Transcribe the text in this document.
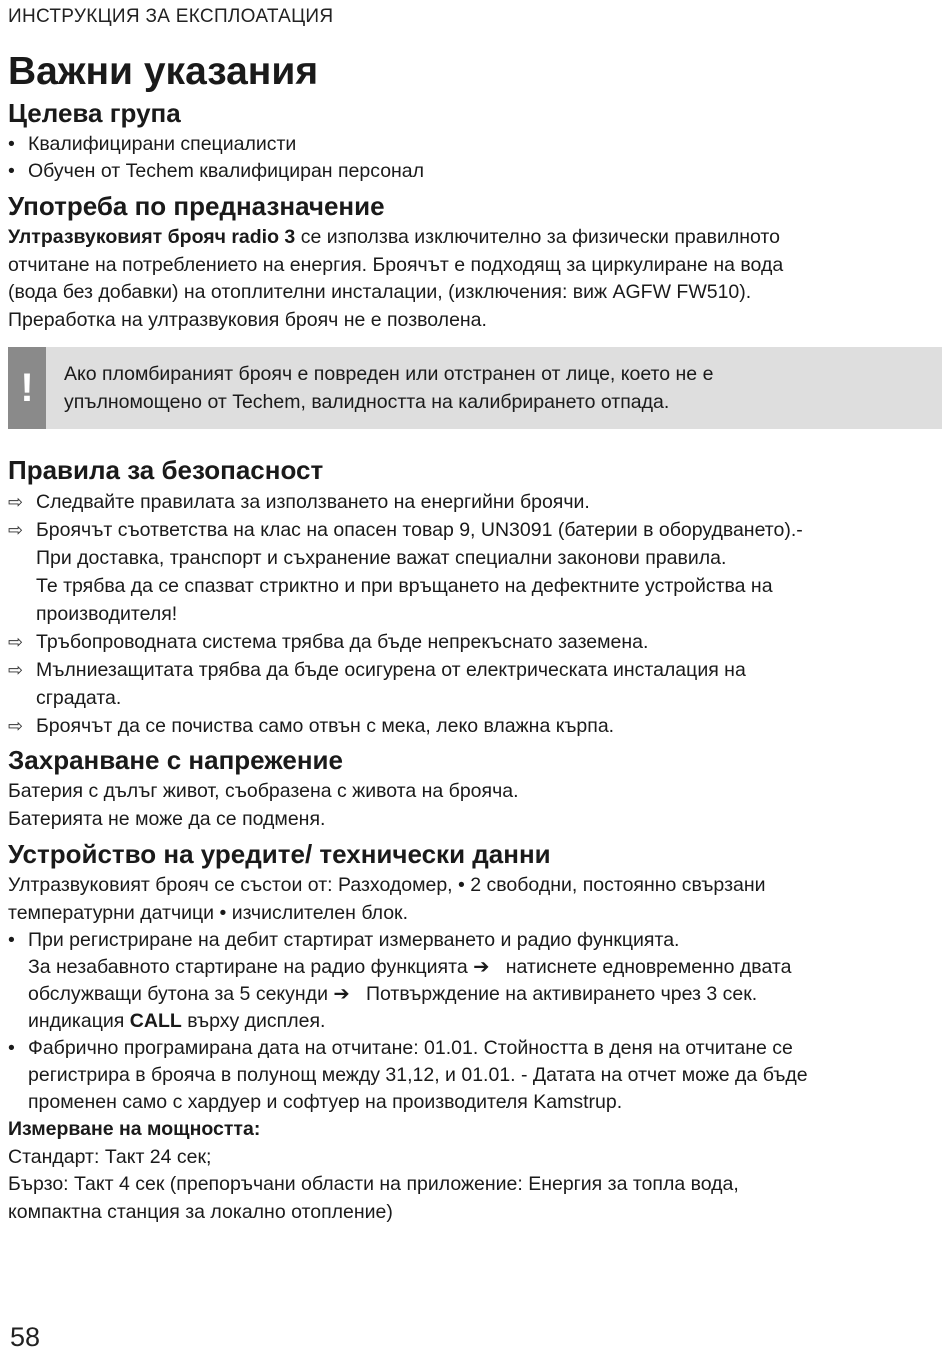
ИНСТРУКЦИЯ ЗА ЕКСПЛОАТАЦИЯ
Важни указания
Целева група
• Квалифицирани специалисти
• Обучен от Techem квалифициран персонал
Употреба по предназначение

Ултразвуковият брояч radio 3 се използва изключително за физически правилното

отчитане на потреблението на енергия. Броячът е подходящ за циркулиране на вода

(вода без добавки) на отоплителни инсталации, (изключения: виж AGFW FW510).

Преработка на ултразвуковия брояч не е позволена.

!	Ако пломбираният брояч е повреден или отстранен от лице, което не е
упълномощено от Techem, валидността на калибрирането отпада.
Правила за безопасност
⇨ Следвайте правилата за използването на енергийни броячи.
⇨ Броячът съответства на клас на опасен товар 9, UN3091 (батерии в оборудването).-
При доставка, транспорт и съхранение важат специални законови правила.
Те трябва да се спазват стриктно и при връщането на дефектните устройства на
производителя!
⇨ Тръбопроводната система трябва да бъде непрекъснато заземена.
⇨ Мълниезащитата трябва да бъде осигурена от електрическата инсталация на
сградата.
⇨ Броячът да се почиства само отвън с мека, леко влажна кърпа.
Захранване с напрежение

Батерия с дълъг живот, съобразена с живота на брояча.

Батерията не може да се подменя.

Устройство на уредите/ технически данни

Ултразвуковият брояч се състои от: Разходомер, • 2 свободни, постоянно свързани

температурни датчици • изчислителен блок.

• При регистриране на дебит стартират измерването и радио функцията.
За незабавното стартиране на радио функцията ➔ натиснете едновременно двата
обслужващи бутона за 5 секунди ➔ Потвърждение на активирането чрез 3 сек.
индикация CALL върху дисплея.
• Фабрично програмирана дата на отчитане: 01.01. Стойността в деня на отчитане се
регистрира в брояча в полунощ между 31,12, и 01.01. - Датата на отчет може да бъде
променен само с хардуер и софтуер на производителя Kamstrup.

Измерване на мощността:

Стандарт: Такт 24 сек;

Бързо: Такт 4 сек (препоръчани области на приложение: Енергия за топла вода,

компактна станция за локално отопление)

58
